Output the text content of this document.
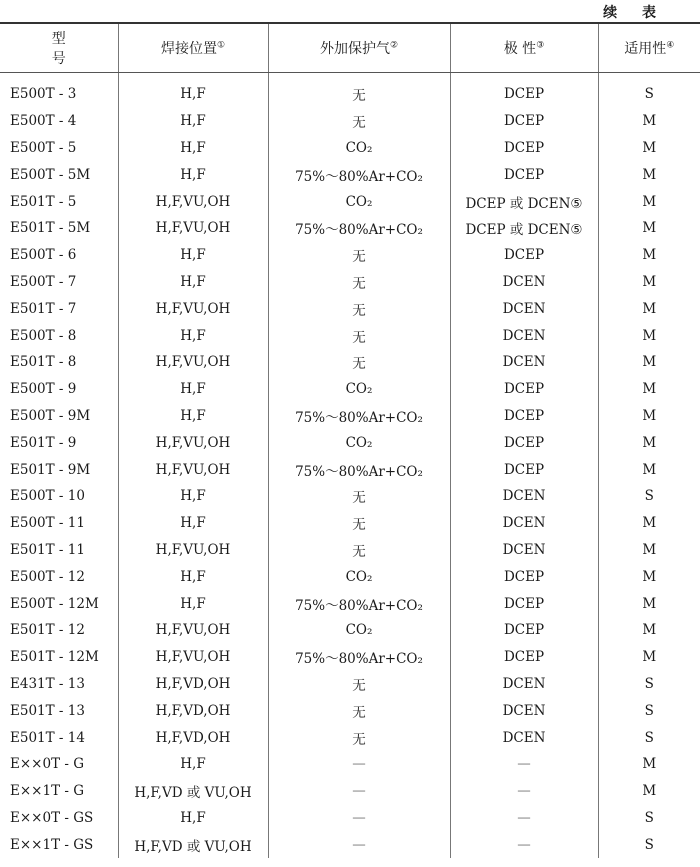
续 表
型 号	焊接位置①	外加保护气②	极 性③	适用性④

E500T - 3	H,F	无	DCEP	S
E500T - 4	H,F	无	DCEP	M
E500T - 5	H,F	CO₂	DCEP	M
E500T - 5M	H,F	75%～80%Ar+CO₂	DCEP	M
E501T - 5	H,F,VU,OH	CO₂	DCEP 或 DCEN⑤	M
E501T - 5M	H,F,VU,OH	75%～80%Ar+CO₂	DCEP 或 DCEN⑤	M
E500T - 6	H,F	无	DCEP	M
E500T - 7	H,F	无	DCEN	M
E501T - 7	H,F,VU,OH	无	DCEN	M
E500T - 8	H,F	无	DCEN	M
E501T - 8	H,F,VU,OH	无	DCEN	M
E500T - 9	H,F	CO₂	DCEP	M
E500T - 9M	H,F	75%～80%Ar+CO₂	DCEP	M
E501T - 9	H,F,VU,OH	CO₂	DCEP	M
E501T - 9M	H,F,VU,OH	75%～80%Ar+CO₂	DCEP	M
E500T - 10	H,F	无	DCEN	S
E500T - 11	H,F	无	DCEN	M
E501T - 11	H,F,VU,OH	无	DCEN	M
E500T - 12	H,F	CO₂	DCEP	M
E500T - 12M	H,F	75%～80%Ar+CO₂	DCEP	M
E501T - 12	H,F,VU,OH	CO₂	DCEP	M
E501T - 12M	H,F,VU,OH	75%～80%Ar+CO₂	DCEP	M
E431T - 13	H,F,VD,OH	无	DCEN	S
E501T - 13	H,F,VD,OH	无	DCEN	S
E501T - 14	H,F,VD,OH	无	DCEN	S
E××0T - G	H,F	—	—	M
E××1T - G	H,F,VD 或 VU,OH	—	—	M
E××0T - GS	H,F	—	—	S
E××1T - GS	H,F,VD 或 VU,OH	—	—	S
